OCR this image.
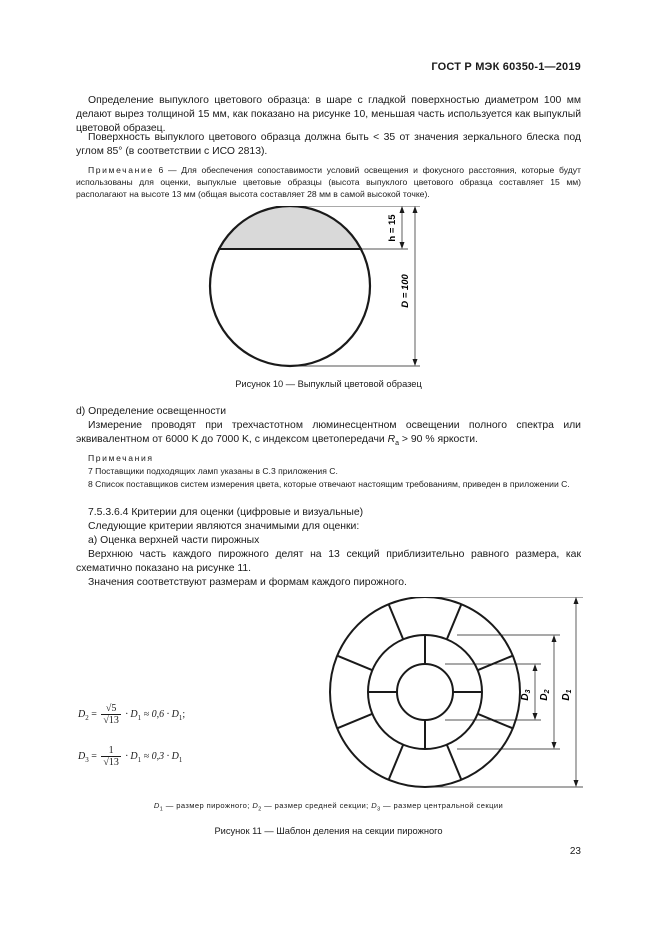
ГОСТ Р МЭК 60350-1—2019
Определение выпуклого цветового образца: в шаре с гладкой поверхностью диаметром 100 мм делают вырез толщиной 15 мм, как показано на рисунке 10, меньшая часть используется как выпуклый цветовой образец.
Поверхность выпуклого цветового образца должна быть < 35 от значения зеркального блеска под углом 85° (в соответствии с ИСО 2813).
Примечание 6 — Для обеспечения сопоставимости условий освещения и фокусного расстояния, которые будут использованы для оценки, выпуклые цветовые образцы (высота выпуклого цветового образца составляет 15 мм) располагают на высоте 13 мм (общая высота составляет 28 мм в самой высокой точке).
h = 15
D = 100
Рисунок 10 — Выпуклый цветовой образец
d) Определение освещенности
Измерение проводят при трехчастотном люминесцентном освещении полного спектра или эквивалентном от 6000 K до 7000 K, с индексом цветопередачи $R_a > 90$ % яркости.
Примечания
7 Поставщики подходящих ламп указаны в С.3 приложения С.
8 Список поставщиков систем измерения цвета, которые отвечают настоящим требованиям, приведен в приложении С.
7.5.3.6.4 Критерии для оценки (цифровые и визуальные)
Следующие критерии являются значимыми для оценки:
а) Оценка верхней части пирожных
Верхнюю часть каждого пирожного делят на 13 секций приблизительно равного размера, как схематично показано на рисунке 11.
Значения соответствуют размерам и формам каждого пирожного.
$D_2 = \frac{√5}{√13} \cdot D_1 \approx 0,6 \cdot D_1$;
$D_3 = \frac{1}{√13} \cdot D_1 \approx 0,3 \cdot D_1$
$D_1$
$D_2$
$D_3$
$D_1$ — размер пирожного; $D_2$ — размер средней секции; $D_3$ — размер центральной секции
Рисунок 11 — Шаблон деления на секции пирожного
23
